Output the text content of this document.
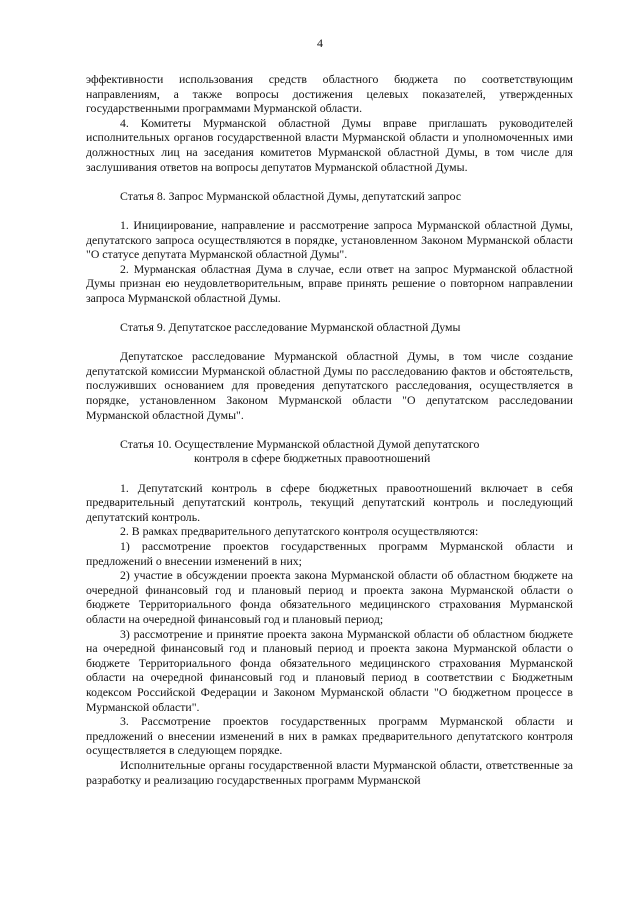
4

эффективности использования средств областного бюджета по соответствующим направлениям, а также вопросы достижения целевых показателей, утвержденных государственными программами Мурманской области.

4. Комитеты Мурманской областной Думы вправе приглашать руководителей исполнительных органов государственной власти Мурманской области и уполномоченных ими должностных лиц на заседания комитетов Мурманской областной Думы, в том числе для заслушивания ответов на вопросы депутатов Мурманской областной Думы.

Статья 8. Запрос Мурманской областной Думы, депутатский запрос

1. Инициирование, направление и рассмотрение запроса Мурманской областной Думы, депутатского запроса осуществляются в порядке, установленном Законом Мурманской области "О статусе депутата Мурманской областной Думы".

2. Мурманская областная Дума в случае, если ответ на запрос Мурманской областной Думы признан ею неудовлетворительным, вправе принять решение о повторном направлении запроса Мурманской областной Думы.

Статья 9. Депутатское расследование Мурманской областной Думы

Депутатское расследование Мурманской областной Думы, в том числе создание депутатской комиссии Мурманской областной Думы по расследованию фактов и обстоятельств, послуживших основанием для проведения депутатского расследования, осуществляется в порядке, установленном Законом Мурманской области "О депутатском расследовании Мурманской областной Думы".

Статья 10. Осуществление Мурманской областной Думой депутатского
контроля в сфере бюджетных правоотношений

1. Депутатский контроль в сфере бюджетных правоотношений включает в себя предварительный депутатский контроль, текущий депутатский контроль и последующий депутатский контроль.

2. В рамках предварительного депутатского контроля осуществляются:

1) рассмотрение проектов государственных программ Мурманской области и предложений о внесении изменений в них;

2) участие в обсуждении проекта закона Мурманской области об областном бюджете на очередной финансовый год и плановый период и проекта закона Мурманской области о бюджете Территориального фонда обязательного медицинского страхования Мурманской области на очередной финансовый год и плановый период;

3) рассмотрение и принятие проекта закона Мурманской области об областном бюджете на очередной финансовый год и плановый период и проекта закона Мурманской области о бюджете Территориального фонда обязательного медицинского страхования Мурманской области на очередной финансовый год и плановый период в соответствии с Бюджетным кодексом Российской Федерации и Законом Мурманской области "О бюджетном процессе в Мурманской области".

3. Рассмотрение проектов государственных программ Мурманской области и предложений о внесении изменений в них в рамках предварительного депутатского контроля осуществляется в следующем порядке.

Исполнительные органы государственной власти Мурманской области, ответственные за разработку и реализацию государственных программ Мурманской
